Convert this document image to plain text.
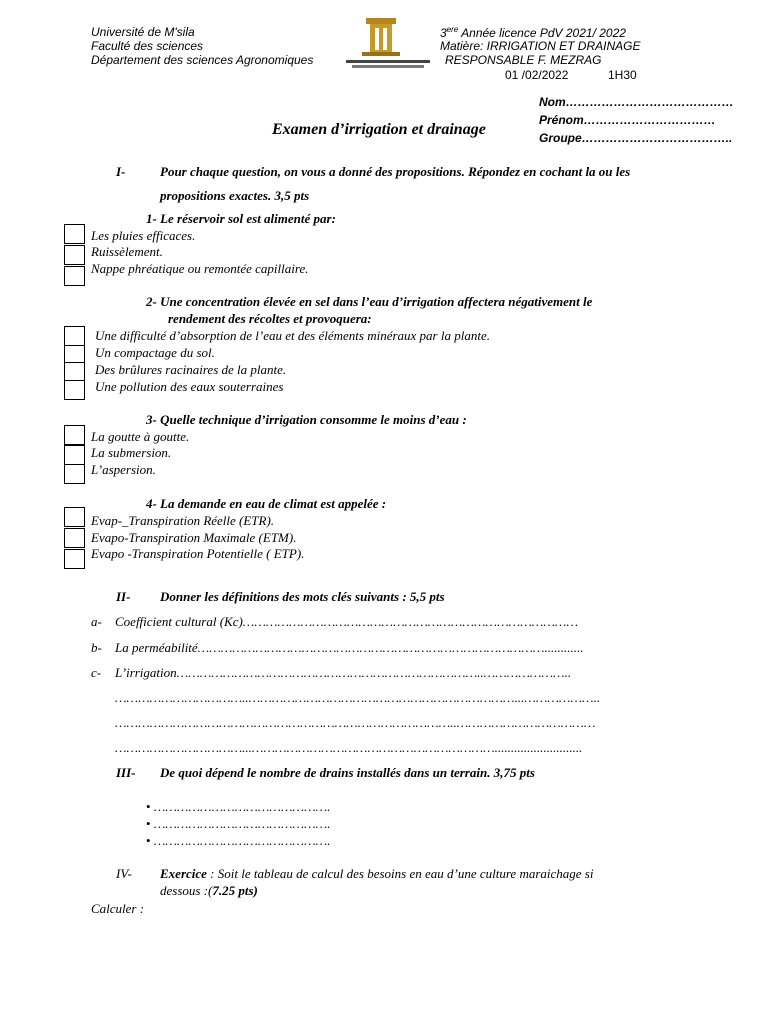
Université de M'sila
Faculté des sciences
Département des sciences Agronomiques
3ere Année licence PdV 2021/ 2022
Matière: IRRIGATION ET DRAINAGE
RESPONSABLE F. MEZRAG
01 /02/2022	1H30
Nom……………………………………
Prénom……………………………
Groupe………………………………..
Examen d’irrigation et drainage
I-	Pour chaque question, on vous a donné des propositions. Répondez en cochant la ou les
propositions exactes. 3,5 pts
1- Le réservoir sol est alimenté par:
Les pluies efficaces.
Ruissèlement.
Nappe phréatique ou remontée capillaire.
2- Une concentration élevée en sel dans l’eau d’irrigation affectera négativement le
rendement des récoltes et provoquera:
Une difficulté d’absorption de l’eau et des éléments minéraux par la plante.
Un compactage du sol.
Des brûlures racinaires de la plante.
Une pollution des eaux souterraines
3- Quelle technique d’irrigation consomme le moins d’eau :
La goutte à goutte.
La submersion.
L’aspersion.
4- La demande en eau de climat est appelée :
Evap-_Transpiration Réelle (ETR).
Evapo-Transpiration Maximale (ETM).
Evapo -Transpiration Potentielle ( ETP).
II- Donner les définitions des mots clés suivants : 5,5 pts
a- Coefficient cultural (Kc)……………………………………………………………………………
b- La perméabilité………………………………………………………………………………............
c- L’irrigation……………………………………………………………………..…………………..
……………………………..……………………………………………………………...………………..
……………………………………………………………………………..………………………………
……………………………...………………………………………………………...........................
III- De quoi dépend le nombre de drains installés dans un terrain. 3,75 pts
• ……………………………………….
• ……………………………………….
• ……………………………………….
IV- Exercice : Soit le tableau de calcul des besoins en eau d’une culture maraichage si
dessous :(7.25 pts)
Calculer :
